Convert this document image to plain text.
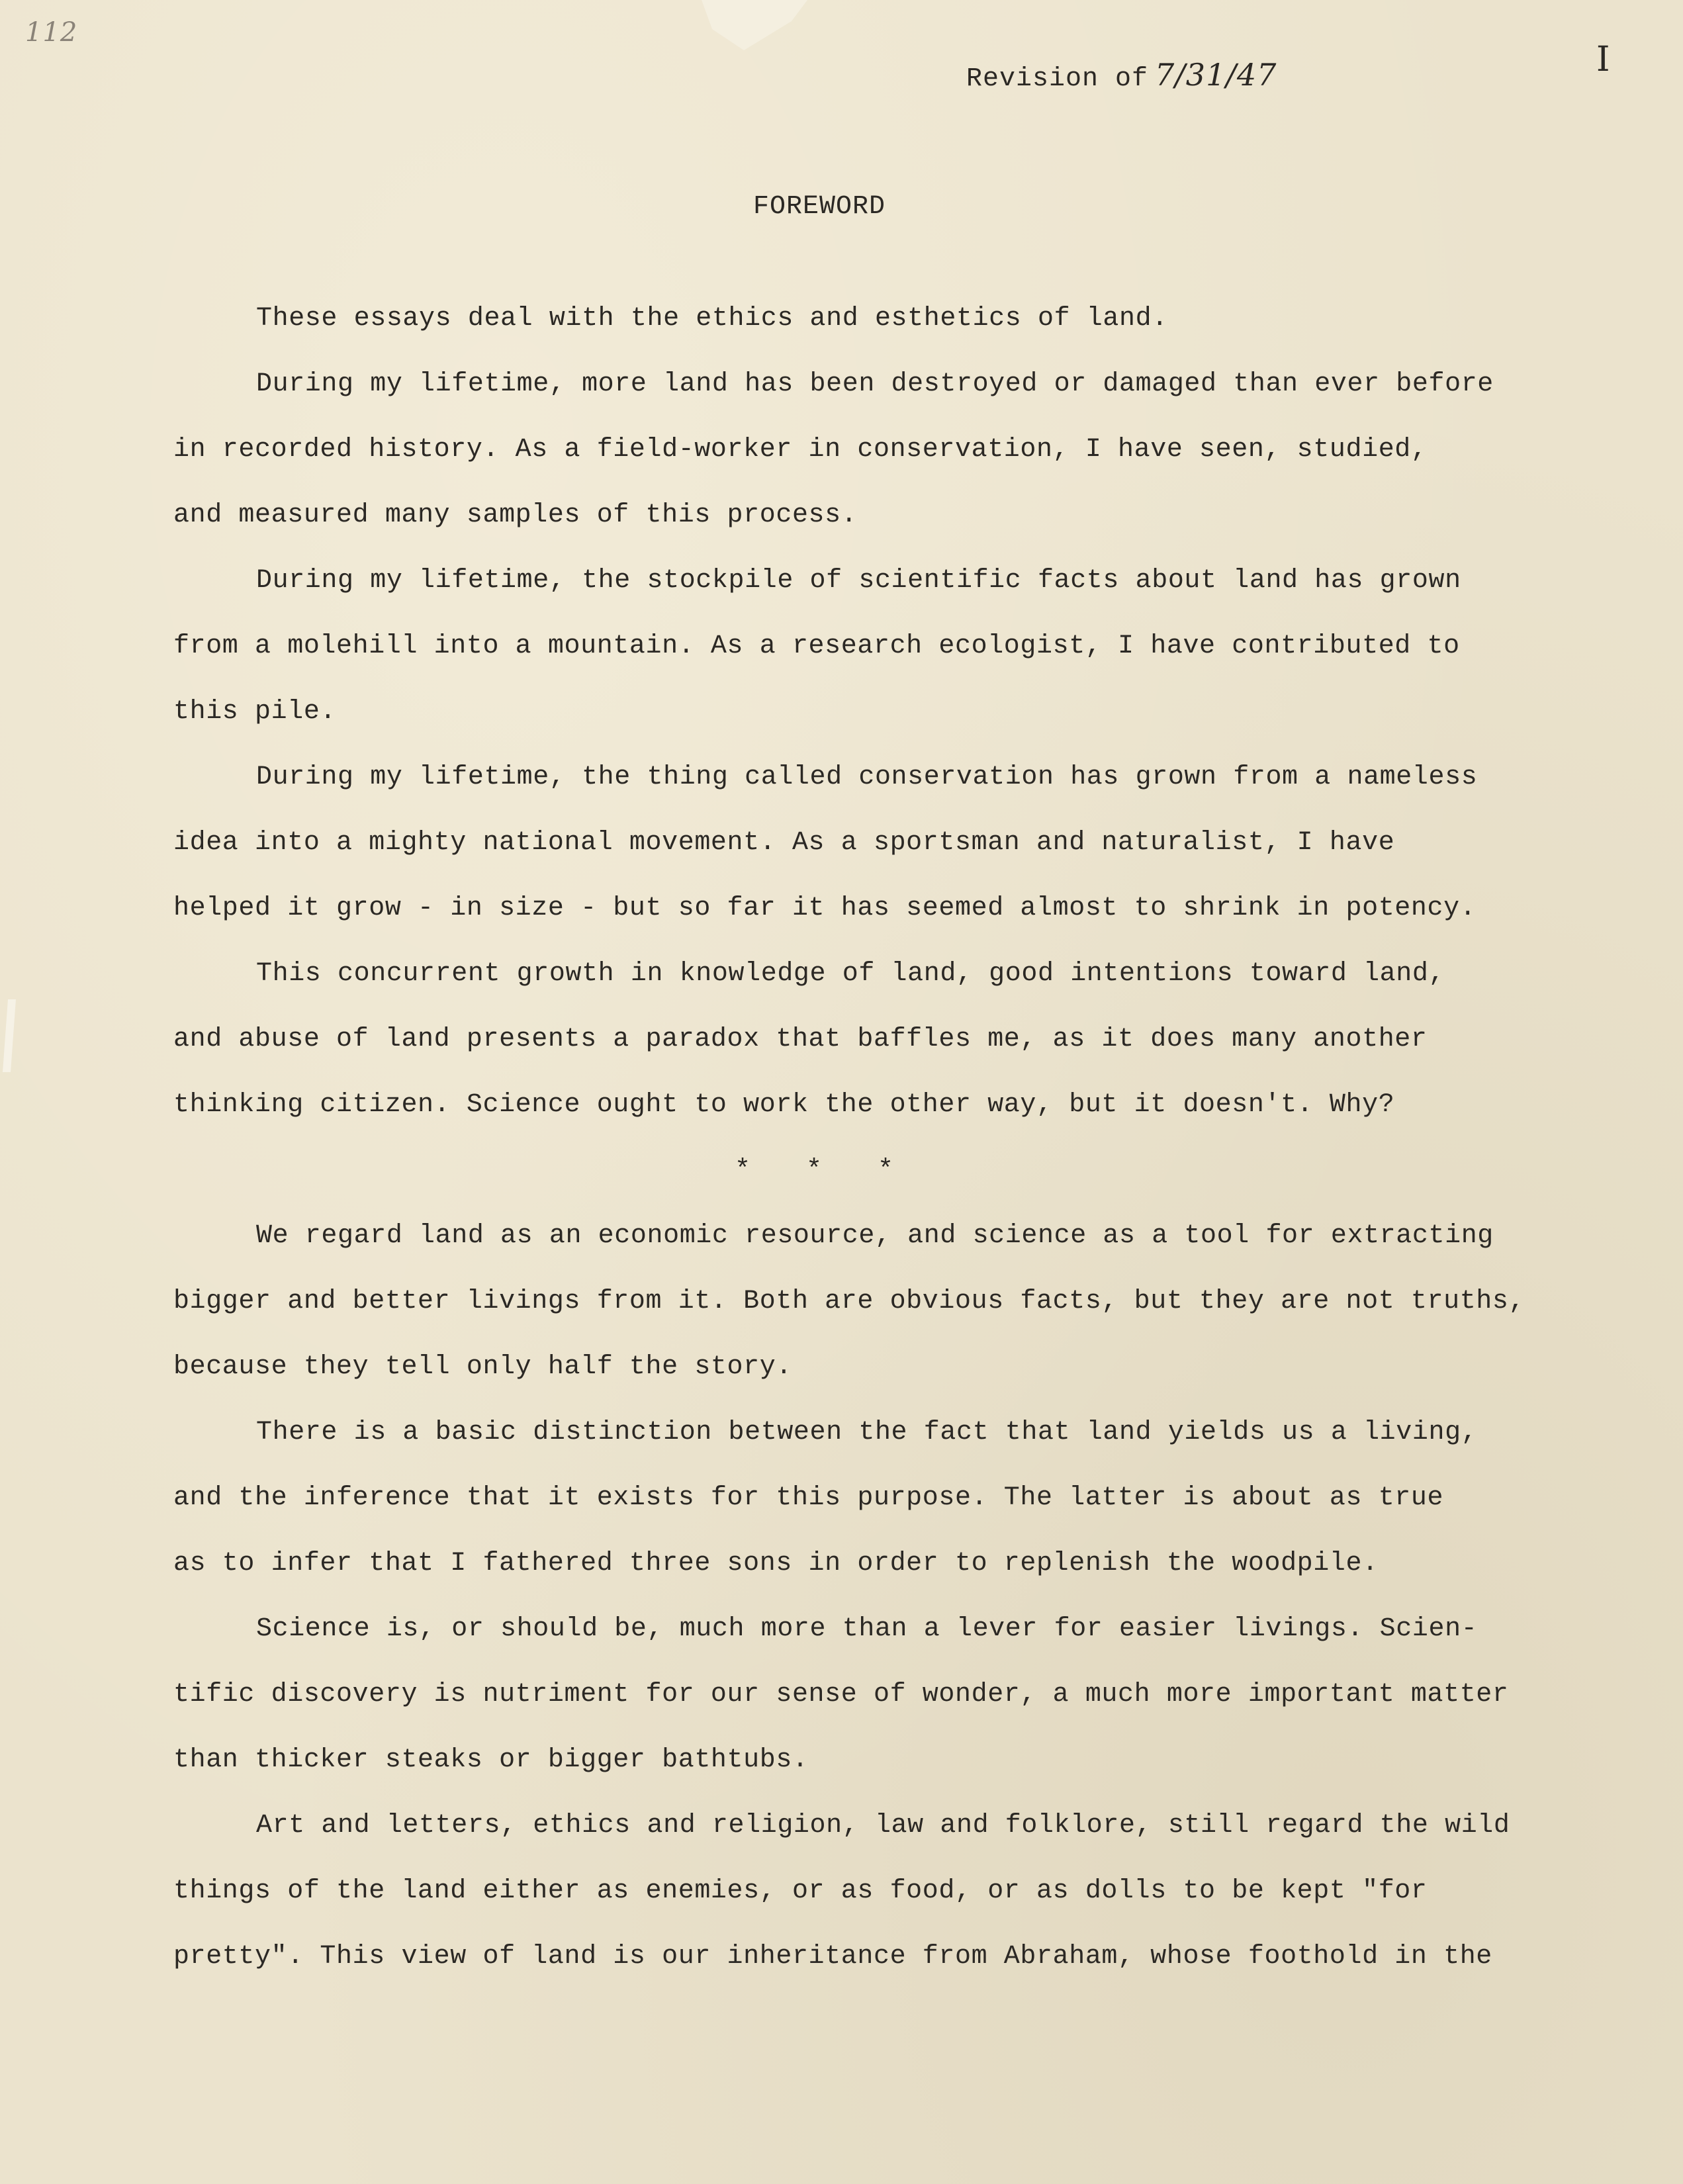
112
Revision of 7/31/47	I
FOREWORD

These essays deal with the ethics and esthetics of land.

During my lifetime, more land has been destroyed or damaged than ever before
in recorded history. As a field-worker in conservation, I have seen, studied,
and measured many samples of this process.

During my lifetime, the stockpile of scientific facts about land has grown
from a molehill into a mountain. As a research ecologist, I have contributed to
this pile.

During my lifetime, the thing called conservation has grown from a nameless
idea into a mighty national movement. As a sportsman and naturalist, I have
helped it grow - in size - but so far it has seemed almost to shrink in potency.

This concurrent growth in knowledge of land, good intentions toward land,
and abuse of land presents a paradox that baffles me, as it does many another
thinking citizen. Science ought to work the other way, but it doesn't. Why?

* * *

We regard land as an economic resource, and science as a tool for extracting
bigger and better livings from it. Both are obvious facts, but they are not truths,
because they tell only half the story.

There is a basic distinction between the fact that land yields us a living,
and the inference that it exists for this purpose. The latter is about as true
as to infer that I fathered three sons in order to replenish the woodpile.

Science is, or should be, much more than a lever for easier livings. Scien-
tific discovery is nutriment for our sense of wonder, a much more important matter
than thicker steaks or bigger bathtubs.

Art and letters, ethics and religion, law and folklore, still regard the wild
things of the land either as enemies, or as food, or as dolls to be kept "for
pretty". This view of land is our inheritance from Abraham, whose foothold in the
